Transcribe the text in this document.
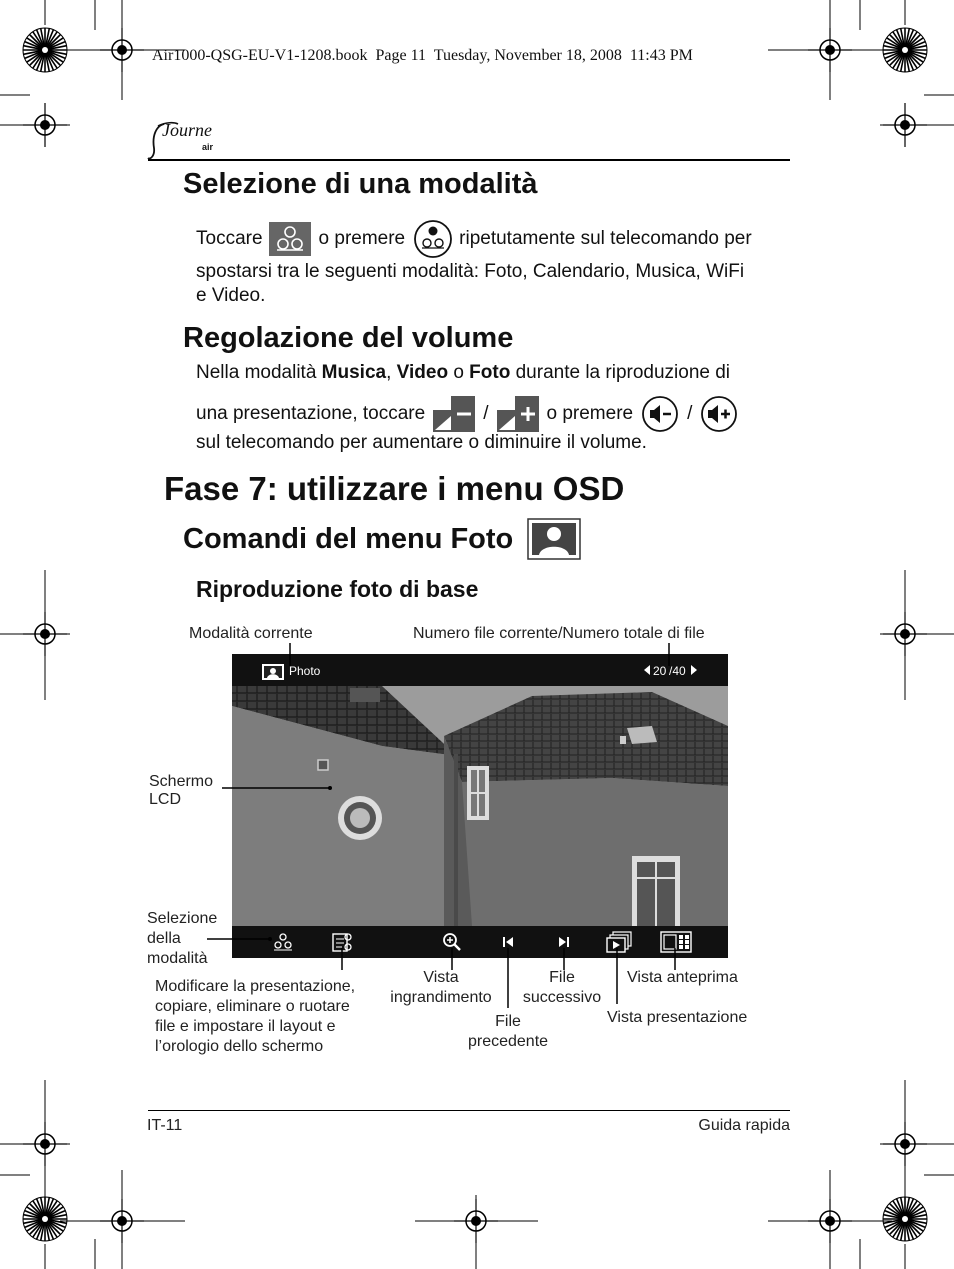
Air1000-QSG-EU-V1-1208.book  Page 11  Tuesday, November 18, 2008  11:43 PM
Journe
air
Selezione di una modalità
Toccare	o premere	ripetutamente sul telecomando per
spostarsi tra le seguenti modalità: Foto, Calendario, Musica, WiFi
e Video.
Regolazione del volume
Nella modalità Musica, Video o Foto durante la riproduzione di
una presentazione, toccare	/	o premere	/
sul telecomando per aumentare o diminuire il volume.
Fase 7: utilizzare i menu OSD
Comandi del menu Foto
Riproduzione foto di base
Photo	20 /40
Modalità corrente	Numero file corrente/Numero totale di file
Schermo
LCD
Selezione
della
modalità
Modificare la presentazione,
copiare, eliminare o ruotare
file e impostare il layout e
l’orologio dello schermo
Vista
ingrandimento
File
precedente
File
successivo
Vista anteprima
Vista presentazione
IT-11	Guida rapida
